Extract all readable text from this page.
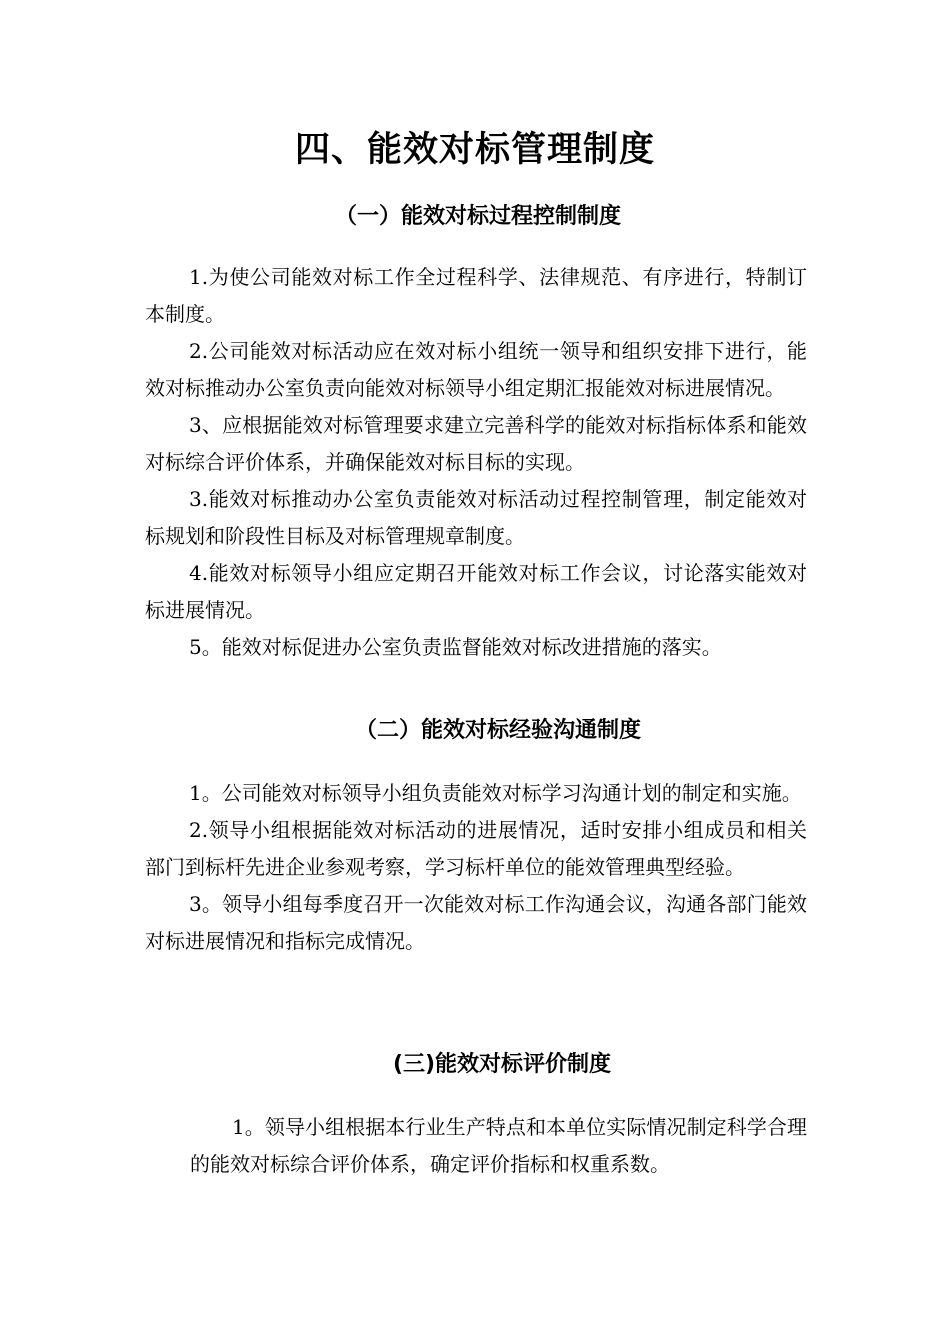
四、能效对标管理制度
（一）能效对标过程控制制度

1.为使公司能效对标工作全过程科学、法律规范、有序进行，特制订本制度。

2.公司能效对标活动应在效对标小组统一领导和组织安排下进行，能效对标推动办公室负责向能效对标领导小组定期汇报能效对标进展情况。

3、应根据能效对标管理要求建立完善科学的能效对标指标体系和能效对标综合评价体系，并确保能效对标目标的实现。

3.能效对标推动办公室负责能效对标活动过程控制管理，制定能效对标规划和阶段性目标及对标管理规章制度。

4.能效对标领导小组应定期召开能效对标工作会议，讨论落实能效对标进展情况。

5。能效对标促进办公室负责监督能效对标改进措施的落实。

（二）能效对标经验沟通制度

1。公司能效对标领导小组负责能效对标学习沟通计划的制定和实施。

2.领导小组根据能效对标活动的进展情况，适时安排小组成员和相关部门到标杆先进企业参观考察，学习标杆单位的能效管理典型经验。

3。领导小组每季度召开一次能效对标工作沟通会议，沟通各部门能效对标进展情况和指标完成情况。

(三)能效对标评价制度

1。领导小组根据本行业生产特点和本单位实际情况制定科学合理的能效对标综合评价体系，确定评价指标和权重系数。
